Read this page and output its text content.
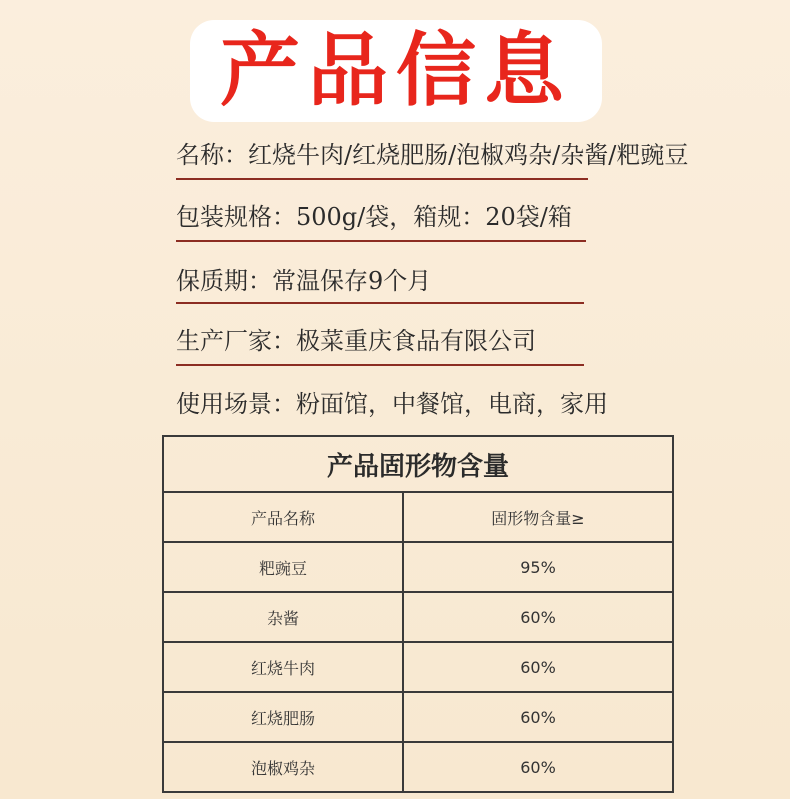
产品信息
名称：红烧牛肉/红烧肥肠/泡椒鸡杂/杂酱/粑豌豆
包装规格：500g/袋，箱规：20袋/箱
保质期：常温保存9个月
生产厂家：极菜重庆食品有限公司
使用场景：粉面馆，中餐馆，电商，家用
产品固形物含量	
产品名称	固形物含量≥
粑豌豆	95%
杂酱	60%
红烧牛肉	60%
红烧肥肠	60%
泡椒鸡杂	60%
